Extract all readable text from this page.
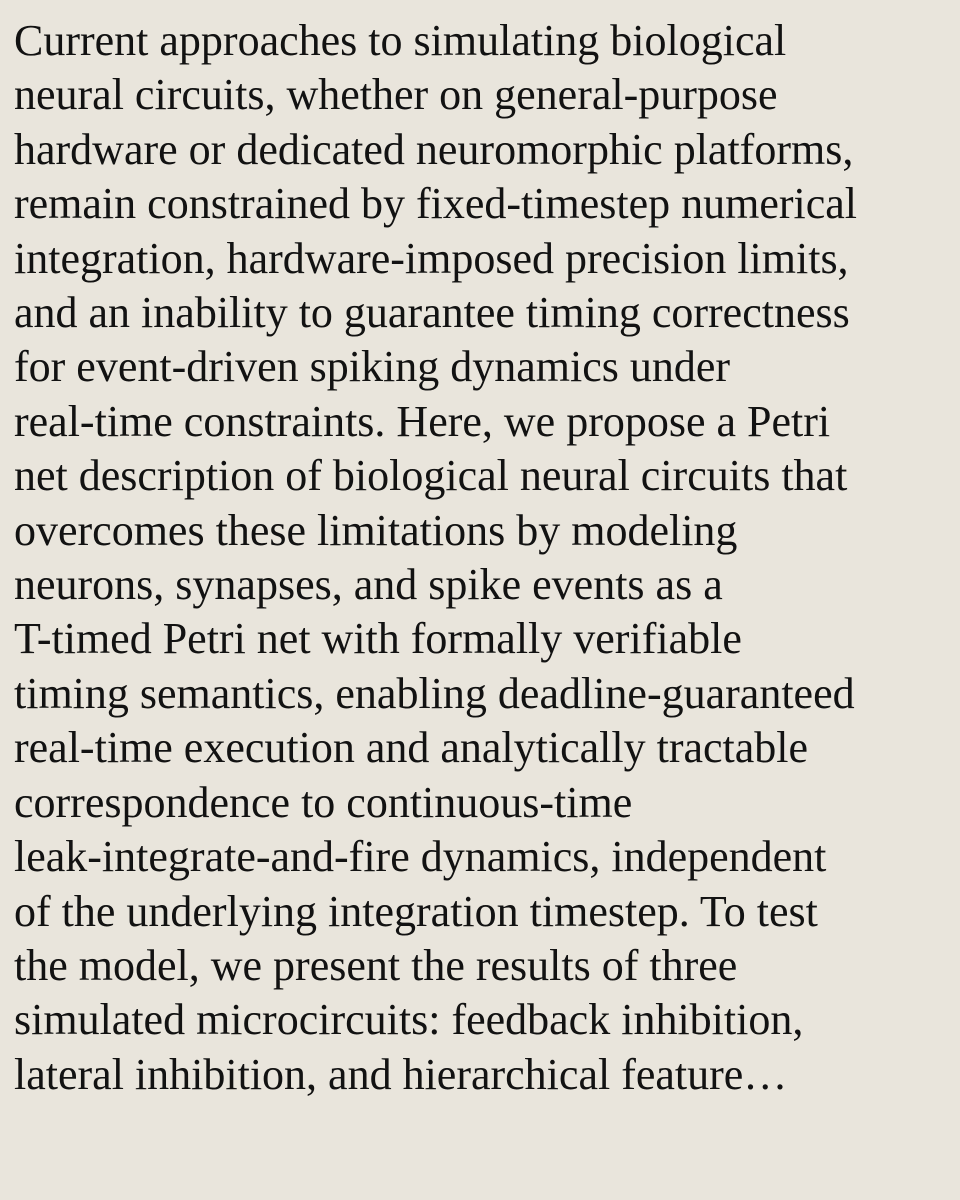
Current approaches to simulating biological
neural circuits, whether on general-purpose
hardware or dedicated neuromorphic platforms,
remain constrained by fixed-timestep numerical
integration, hardware-imposed precision limits,
and an inability to guarantee timing correctness
for event-driven spiking dynamics under
real-time constraints. Here, we propose a Petri
net description of biological neural circuits that
overcomes these limitations by modeling
neurons, synapses, and spike events as a
T-timed Petri net with formally verifiable
timing semantics, enabling deadline-guaranteed
real-time execution and analytically tractable
correspondence to continuous-time
leak-integrate-and-fire dynamics, independent
of the underlying integration timestep. To test
the model, we present the results of three
simulated microcircuits: feedback inhibition,
lateral inhibition, and hierarchical feature…
